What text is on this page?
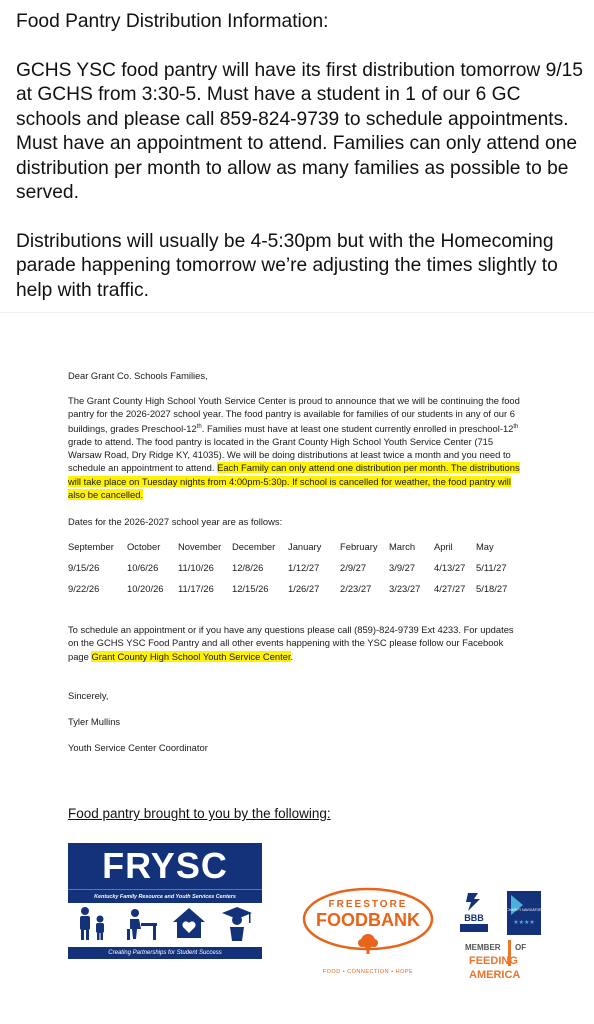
Food Pantry Distribution Information:

GCHS YSC food pantry will have its first distribution tomorrow 9/15 at GCHS from 3:30-5. Must have a student in 1 of our 6 GC schools and please call 859-824-9739 to schedule appointments. Must have an appointment to attend. Families can only attend one distribution per month to allow as many families as possible to be served.

Distributions will usually be 4-5:30pm but with the Homecoming parade happening tomorrow we’re adjusting the times slightly to help with traffic.

Dear Grant Co. Schools Families,
The Grant County High School Youth Service Center is proud to announce that we will be continuing the food pantry for the 2026-2027 school year. The food pantry is available for families of our students in any of our 6 buildings, grades Preschool-12th. Families must have at least one student currently enrolled in preschool-12th grade to attend. The food pantry is located in the Grant County High School Youth Service Center (715 Warsaw Road, Dry Ridge KY, 41035). We will be doing distributions at least twice a month and you need to schedule an appointment to attend. Each Family can only attend one distribution per month. The distributions will take place on Tuesday nights from 4:00pm-5:30p. If school is cancelled for weather, the food pantry will also be cancelled.
Dates for the 2026-2027 school year are as follows:
September	October	November	December	January	February	March	April	May
9/15/26	10/6/26	11/10/26	12/8/26	1/12/27	2/9/27	3/9/27	4/13/27	5/11/27
9/22/26	10/20/26	11/17/26	12/15/26	1/26/27	2/23/27	3/23/27	4/27/27	5/18/27
To schedule an appointment or if you have any questions please call (859)-824-9739 Ext 4233. For updates on the GCHS YSC Food Pantry and all other events happening with the YSC please follow our Facebook page Grant County High School Youth Service Center.
Sincerely,
Tyler Mullins
Youth Service Center Coordinator
Food pantry brought to you by the following:
FRYSC
Kentucky Family Resource and Youth Services Centers
Creating Partnerships for Student Success
FREESTORE
FOODBANK
FOOD • CONNECTION • HOPE
BBB
CHARITY NAVIGATOR
★★★★
MEMBER OF
FEEDING
AMERICA
